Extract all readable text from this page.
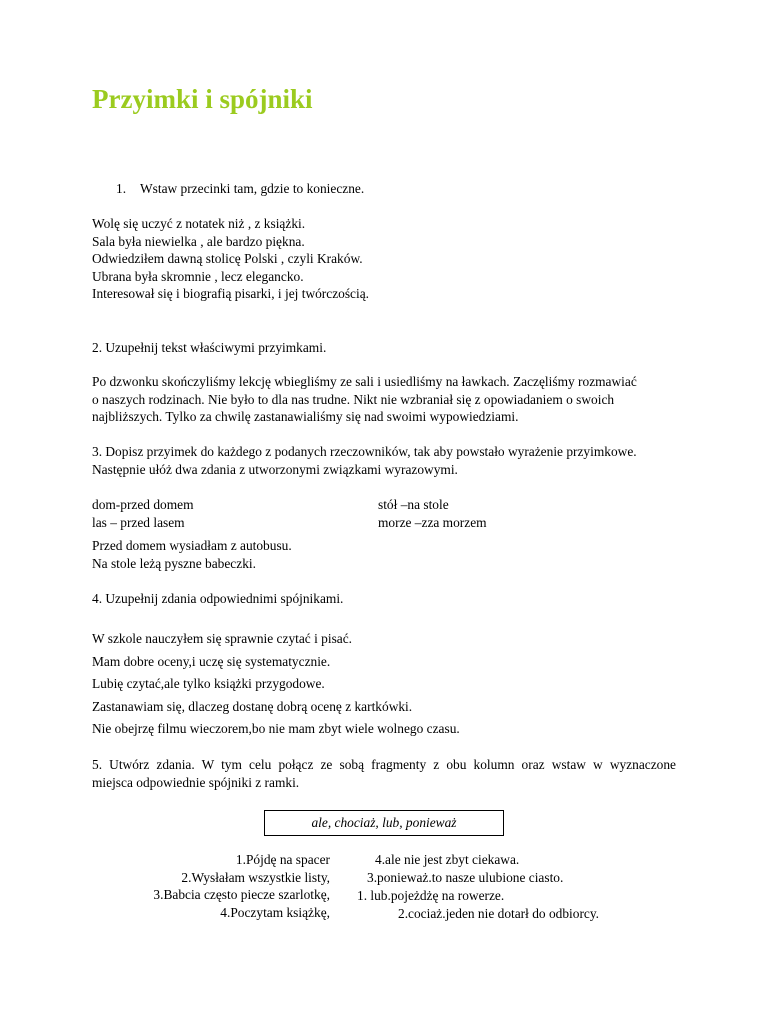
Przyimki i spójniki
1. Wstaw przecinki tam, gdzie to konieczne.
Wolę się uczyć z notatek niż , z książki.
Sala była niewielka , ale bardzo piękna.
Odwiedziłem dawną stolicę Polski , czyli Kraków.
Ubrana była skromnie , lecz elegancko.
Interesował się i biografią pisarki, i jej twórczością.
2. Uzupełnij tekst właściwymi przyimkami.
Po dzwonku skończyliśmy lekcję wbiegliśmy ze sali i usiedliśmy na ławkach. Zaczęliśmy rozmawiać
o naszych rodzinach. Nie było to dla nas trudne. Nikt nie wzbraniał się z opowiadaniem o swoich
najbliższych. Tylko za chwilę zastanawialiśmy się nad swoimi wypowiedziami.
3. Dopisz przyimek do każdego z podanych rzeczowników, tak aby powstało wyrażenie przyimkowe.
Następnie ułóż dwa zdania z utworzonymi związkami wyrazowymi.
dom-przed domem
las – przed lasem
stół –na stole
morze –zza morzem
Przed domem wysiadłam z autobusu.
Na stole leżą pyszne babeczki.
4. Uzupełnij zdania odpowiednimi spójnikami.
W szkole nauczyłem się sprawnie czytać i pisać.
Mam dobre oceny,i uczę się systematycznie.
Lubię czytać,ale tylko książki przygodowe.
Zastanawiam się, dlaczeg dostanę dobrą ocenę z kartkówki.
Nie obejrzę filmu wieczorem,bo nie mam zbyt wiele wolnego czasu.
5. Utwórz zdania. W tym celu połącz ze sobą fragmenty z obu kolumn oraz wstaw w wyznaczone
miejsca odpowiednie spójniki z ramki.
ale, chociaż, lub, ponieważ
1.Pójdę na spacer
2.Wysłałam wszystkie listy,
3.Babcia często piecze szarlotkę,
4.Poczytam książkę,
4.ale nie jest zbyt ciekawa.
3.ponieważ.to nasze ulubione ciasto.
1. lub.pojeżdżę na rowerze.
2.cociaż.jeden nie dotarł do odbiorcy.
